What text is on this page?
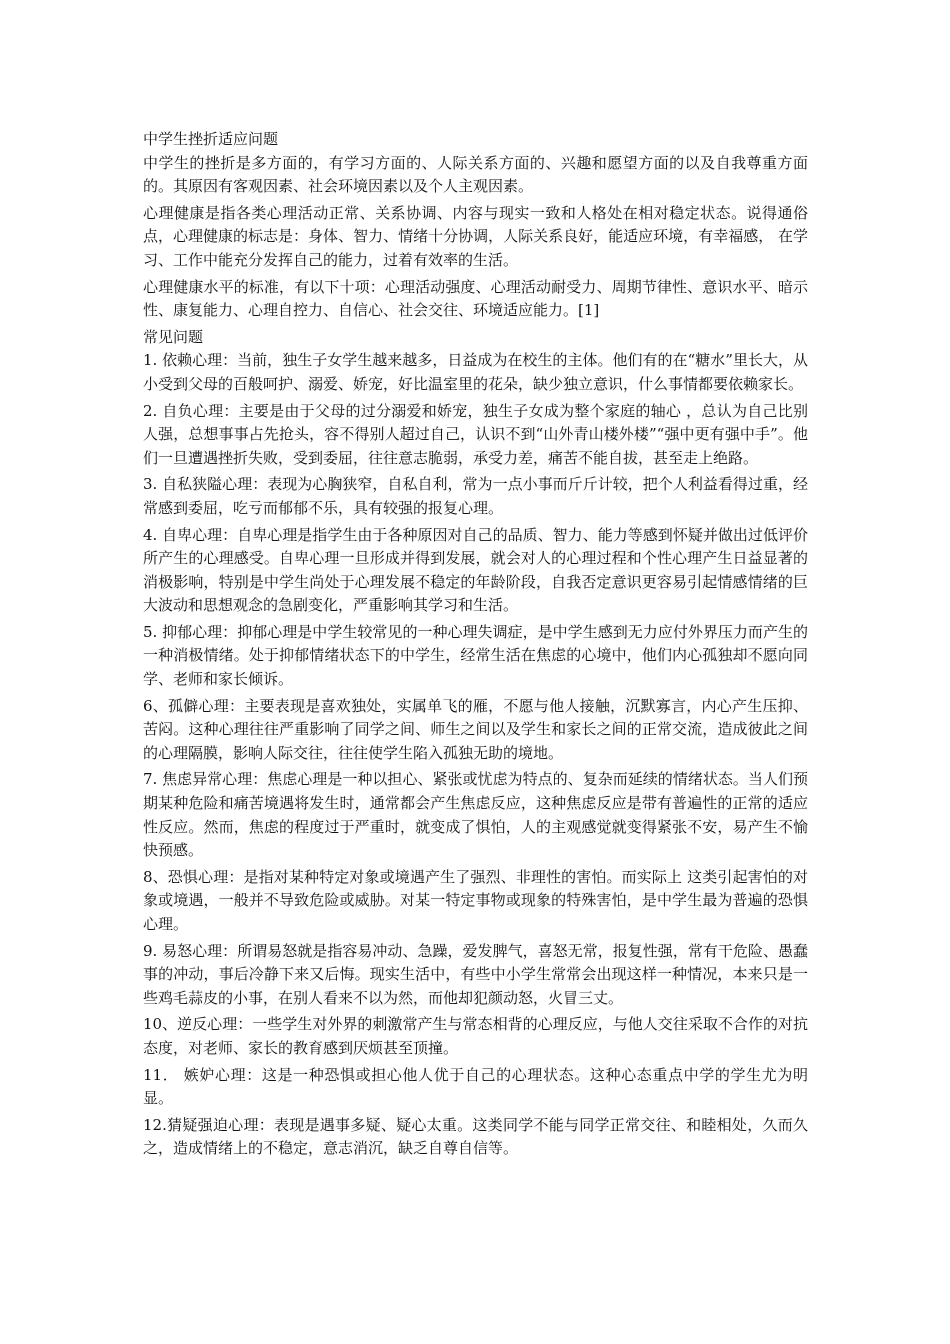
中学生挫折适应问题

中学生的挫折是多方面的，有学习方面的、人际关系方面的、兴趣和愿望方面的以及自我尊重方面的。其原因有客观因素、社会环境因素以及个人主观因素。

心理健康是指各类心理活动正常、关系协调、内容与现实一致和人格处在相对稳定状态。说得通俗点，心理健康的标志是：身体、智力、情绪十分协调，人际关系良好，能适应环境，有幸福感， 在学习、工作中能充分发挥自己的能力，过着有效率的生活。

心理健康水平的标准，有以下十项：心理活动强度、心理活动耐受力、周期节律性、意识水平、暗示性、康复能力、心理自控力、自信心、社会交往、环境适应能力。[1]

常见问题

1. 依赖心理：当前，独生子女学生越来越多，日益成为在校生的主体。他们有的在“糖水”里长大，从小受到父母的百般呵护、溺爱、娇宠，好比温室里的花朵，缺少独立意识，什么事情都要依赖家长。

2. 自负心理：主要是由于父母的过分溺爱和娇宠，独生子女成为整个家庭的轴心 ，总认为自己比别人强，总想事事占先抢头，容不得别人超过自己，认识不到“山外青山楼外楼”“强中更有强中手”。他们一旦遭遇挫折失败，受到委屈，往往意志脆弱，承受力差，痛苦不能自拔，甚至走上绝路。

3. 自私狭隘心理：表现为心胸狭窄，自私自利，常为一点小事而斤斤计较，把个人利益看得过重，经常感到委屈，吃亏而郁郁不乐，具有较强的报复心理。

4. 自卑心理：自卑心理是指学生由于各种原因对自己的品质、智力、能力等感到怀疑并做出过低评价所产生的心理感受。自卑心理一旦形成并得到发展，就会对人的心理过程和个性心理产生日益显著的消极影响，特别是中学生尚处于心理发展不稳定的年龄阶段，自我否定意识更容易引起情感情绪的巨大波动和思想观念的急剧变化，严重影响其学习和生活。

5. 抑郁心理：抑郁心理是中学生较常见的一种心理失调症，是中学生感到无力应付外界压力而产生的一种消极情绪。处于抑郁情绪状态下的中学生，经常生活在焦虑的心境中，他们内心孤独却不愿向同学、老师和家长倾诉。

6、孤僻心理：主要表现是喜欢独处，实属单飞的雁，不愿与他人接触，沉默寡言，内心产生压抑、苦闷。这种心理往往严重影响了同学之间、师生之间以及学生和家长之间的正常交流，造成彼此之间的心理隔膜，影响人际交往，往往使学生陷入孤独无助的境地。

7. 焦虑异常心理：焦虑心理是一种以担心、紧张或忧虑为特点的、复杂而延续的情绪状态。当人们预期某种危险和痛苦境遇将发生时，通常都会产生焦虑反应，这种焦虑反应是带有普遍性的正常的适应性反应。然而，焦虑的程度过于严重时，就变成了惧怕，人的主观感觉就变得紧张不安，易产生不愉快预感。

8、恐惧心理：是指对某种特定对象或境遇产生了强烈、非理性的害怕。而实际上 这类引起害怕的对象或境遇，一般并不导致危险或威胁。对某一特定事物或现象的特殊害怕，是中学生最为普遍的恐惧心理。

9. 易怒心理：所谓易怒就是指容易冲动、急躁，爱发脾气，喜怒无常，报复性强，常有干危险、愚蠢事的冲动，事后冷静下来又后悔。现实生活中，有些中小学生常常会出现这样一种情况，本来只是一些鸡毛蒜皮的小事，在别人看来不以为然，而他却犯颜动怒，火冒三丈。

10、逆反心理：一些学生对外界的刺激常产生与常态相背的心理反应，与他人交往采取不合作的对抗态度，对老师、家长的教育感到厌烦甚至顶撞。

11． 嫉妒心理：这是一种恐惧或担心他人优于自己的心理状态。这种心态重点中学的学生尤为明显。

12.猜疑强迫心理：表现是遇事多疑、疑心太重。这类同学不能与同学正常交往、和睦相处，久而久之，造成情绪上的不稳定，意志消沉，缺乏自尊自信等。
